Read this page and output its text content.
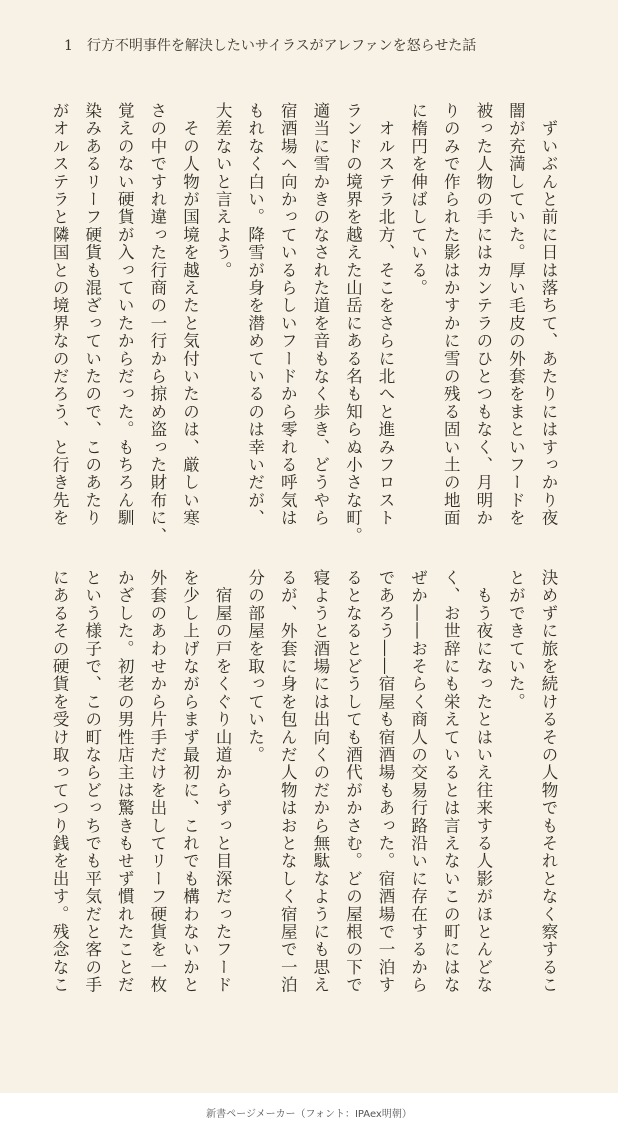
1 行方不明事件を解決したいサイラスがアレファンを怒らせた話
　ずいぶんと前に日は落ちて、あたりにはすっかり夜
闇が充満していた。厚い毛皮の外套をまといフードを
被った人物の手にはカンテラのひとつもなく、月明か
りのみで作られた影はかすかに雪の残る固い土の地面
に楕円を伸ばしている。
　オルステラ北方、そこをさらに北へと進みフロスト
ランドの境界を越えた山岳にある名も知らぬ小さな町。
適当に雪かきのなされた道を音もなく歩き、どうやら
宿酒場へ向かっているらしいフードから零れる呼気は
もれなく白い。降雪が身を潜めているのは幸いだが、
大差ないと言えよう。
　その人物が国境を越えたと気付いたのは、厳しい寒
さの中ですれ違った行商の一行から掠め盗った財布に、
覚えのない硬貨が入っていたからだった。もちろん馴
染みあるリーフ硬貨も混ざっていたので、このあたり
がオルステラと隣国との境界なのだろう、と行き先を
決めずに旅を続けるその人物でもそれとなく察するこ
とができていた。
　もう夜になったとはいえ往来する人影がほとんどな
く、お世辞にも栄えているとは言えないこの町にはな
ぜか――おそらく商人の交易行路沿いに存在するから
であろう――宿屋も宿酒場もあった。宿酒場で一泊す
るとなるとどうしても酒代がかさむ。どの屋根の下で
寝ようと酒場には出向くのだから無駄なようにも思え
るが、外套に身を包んだ人物はおとなしく宿屋で一泊
分の部屋を取っていた。
　宿屋の戸をくぐり山道からずっと目深だったフード
を少し上げながらまず最初に、これでも構わないかと
外套のあわせから片手だけを出してリーフ硬貨を一枚
かざした。初老の男性店主は驚きもせず慣れたことだ
という様子で、この町ならどっちでも平気だと客の手
にあるその硬貨を受け取ってつり銭を出す。残念なこ
新書ページメーカー（フォント：IPAex明朝）
